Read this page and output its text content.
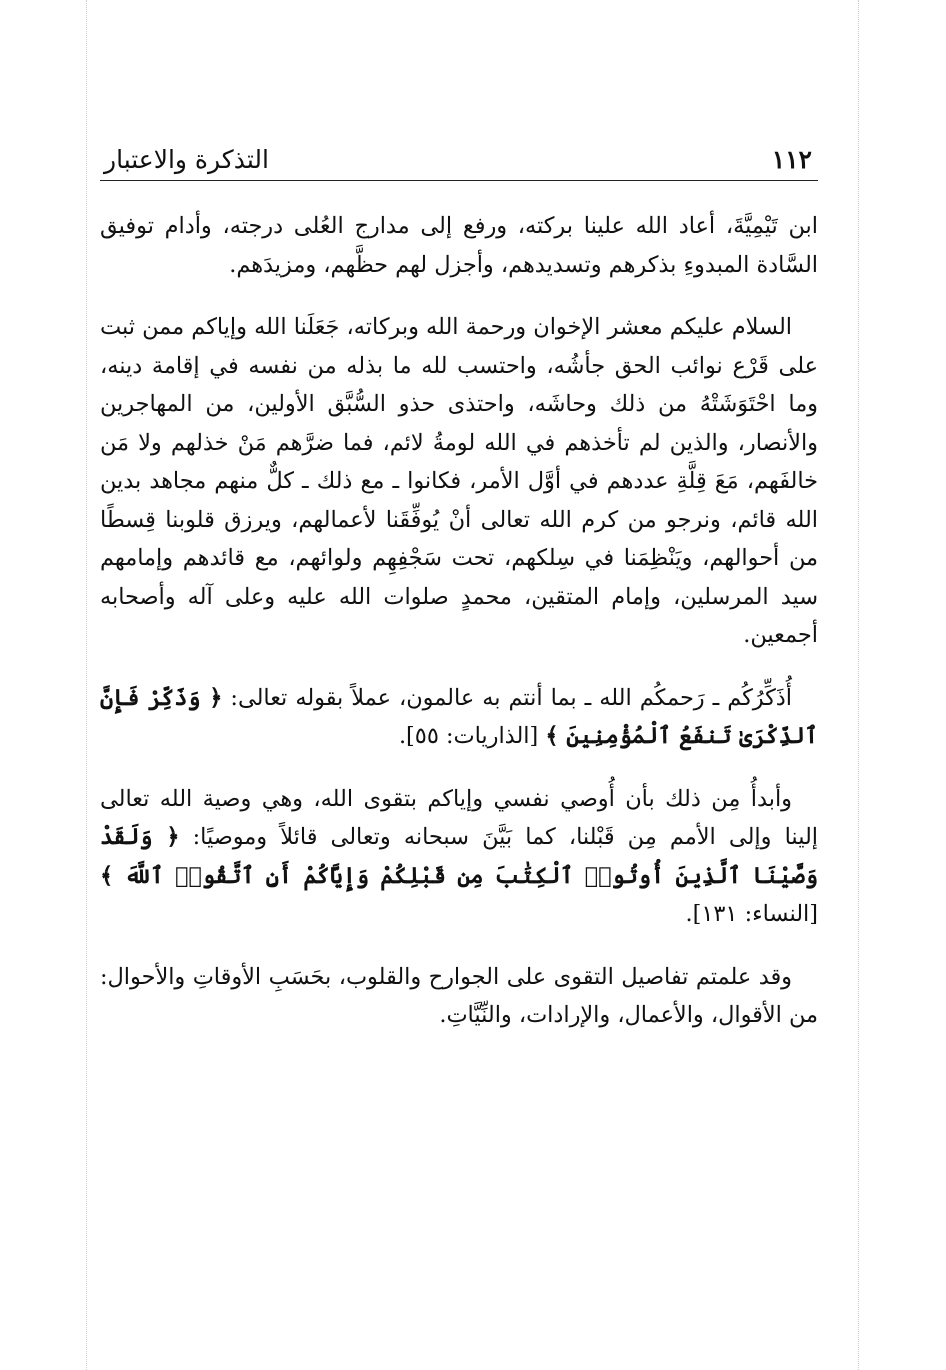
١١٢
التذكرة والاعتبار

ابن تَيْمِيَّةَ، أعاد الله علينا بركته، ورفع إلى مدارج العُلى درجته، وأدام توفيق السَّادة المبدوءِ بذكرهم وتسديدهم، وأجزل لهم حظَّهم، ومزيدَهم.

السلام عليكم معشر الإخوان ورحمة الله وبركاته، جَعَلَنا الله وإياكم ممن ثبت على قَرْع نوائب الحق جأشُه، واحتسب لله ما بذله من نفسه في إقامة دينه، وما احْتَوَشَتْهُ من ذلك وحاشَه، واحتذى حذو السُّبَّق الأولين، من المهاجرين والأنصار، والذين لم تأخذهم في الله لومةُ لائم، فما ضرَّهم مَنْ خذلهم ولا مَن خالفَهم، مَعَ قِلَّةِ عددهم في أوَّل الأمر، فكانوا ـ مع ذلك ـ كلٌّ منهم مجاهد بدين الله قائم، ونرجو من كرم الله تعالى أنْ يُوفِّقَنا لأعمالهم، ويرزق قلوبنا قِسطًا من أحوالهم، ويَنْظِمَنا في سِلكهم، تحت سَجْفِهِم ولوائهم، مع قائدهم وإمامهم سيد المرسلين، وإمام المتقين، محمدٍ صلوات الله عليه وعلى آله وأصحابه أجمعين.

أُذَكِّرُكُم ـ رَحمكُم الله ـ بما أنتم به عالمون، عملاً بقوله تعالى: ﴿ وَذَكِّرْ فَإِنَّ ٱلذِّكْرَىٰ تَنفَعُ ٱلْمُؤْمِنِينَ ﴾ [الذاريات: ٥٥].

وأبدأُ مِن ذلك بأن أُوصي نفسي وإياكم بتقوى الله، وهي وصية الله تعالى إلينا وإلى الأمم مِن قَبْلنا، كما بَيَّنَ سبحانه وتعالى قائلاً وموصيًا: ﴿ وَلَقَدْ وَصَّيْنَا ٱلَّذِينَ أُوتُوا۟ ٱلْكِتَٰبَ مِن قَبْلِكُمْ وَإِيَّاكُمْ أَنِ ٱتَّقُوا۟ ٱللَّهَ ﴾ [النساء: ١٣١].

وقد علمتم تفاصيل التقوى على الجوارح والقلوب، بحَسَبِ الأوقاتِ والأحوال: من الأقوال، والأعمال، والإرادات، والنِّيَّاتِ.
